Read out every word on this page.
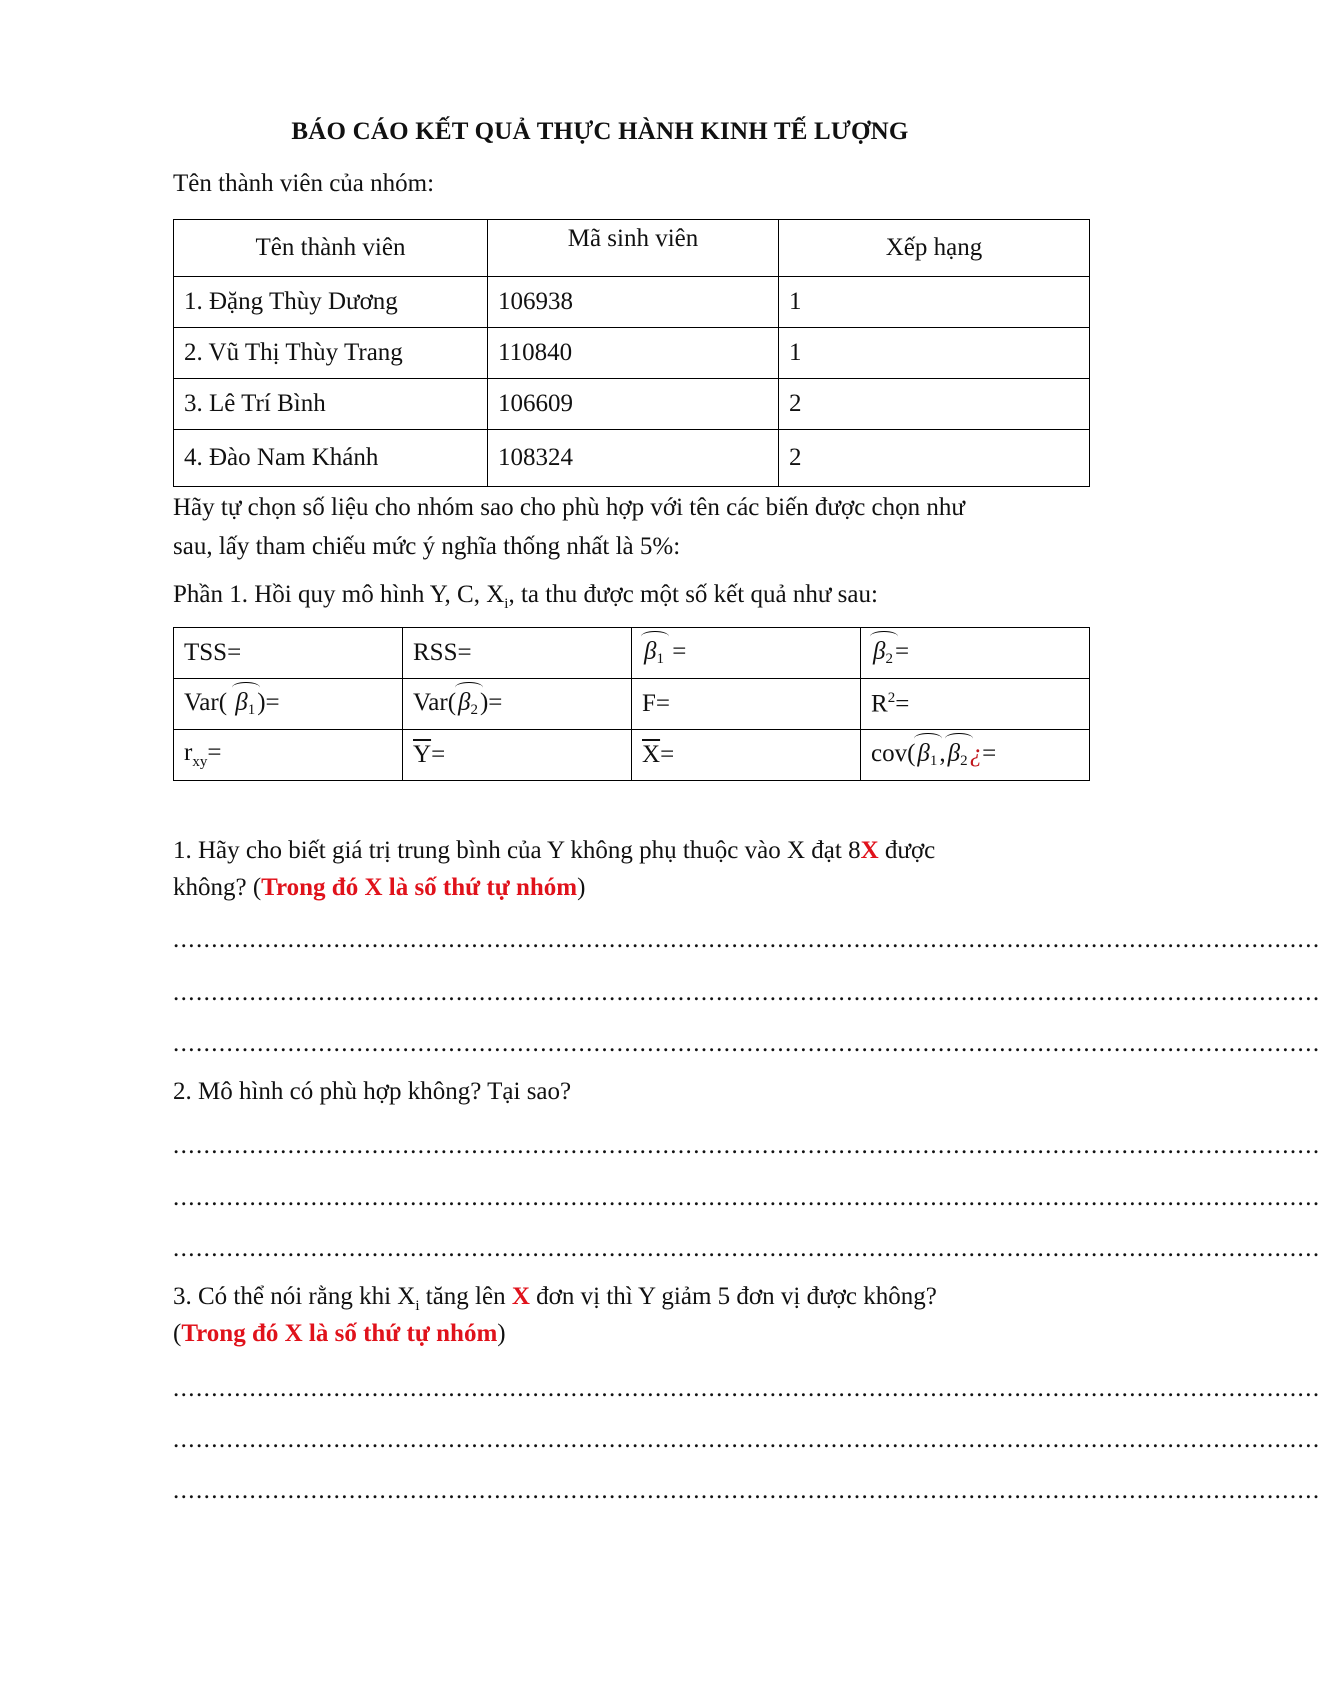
BÁO CÁO KẾT QUẢ THỰC HÀNH KINH TẾ LƯỢNG
Tên thành viên của nhóm:
Tên thành viên	Mã sinh viên	Xếp hạng
1. Đặng Thùy Dương	106938	1
2. Vũ Thị Thùy Trang	110840	1
3. Lê Trí Bình	106609	2
4. Đào Nam Khánh	108324	2
Hãy tự chọn số liệu cho nhóm sao cho phù hợp với tên các biến được chọn như
sau, lấy tham chiếu mức ý nghĩa thống nhất là 5%:
Phần 1. Hồi quy mô hình Y, C, $X_i$, ta thu được một số kết quả như sau:
TSS=	RSS=	β1 =	β2=
Var( β1)=	Var(β2)=	F=	$R^2=$
$r_{xy}=$	$\overline{Y}=$	$\overline{X}=$	cov(β1,β2¿=
1. Hãy cho biết giá trị trung bình của Y không phụ thuộc vào X đạt 8X được
không? (Trong đó X là số thứ tự nhóm)
......................................................................................................................................................
......................................................................................................................................................
......................................................................................................................................................
2. Mô hình có phù hợp không? Tại sao?
......................................................................................................................................................
......................................................................................................................................................
......................................................................................................................................................
3. Có thể nói rằng khi $X_i$ tăng lên X đơn vị thì Y giảm 5 đơn vị được không?
(Trong đó X là số thứ tự nhóm)
......................................................................................................................................................
......................................................................................................................................................
......................................................................................................................................................
